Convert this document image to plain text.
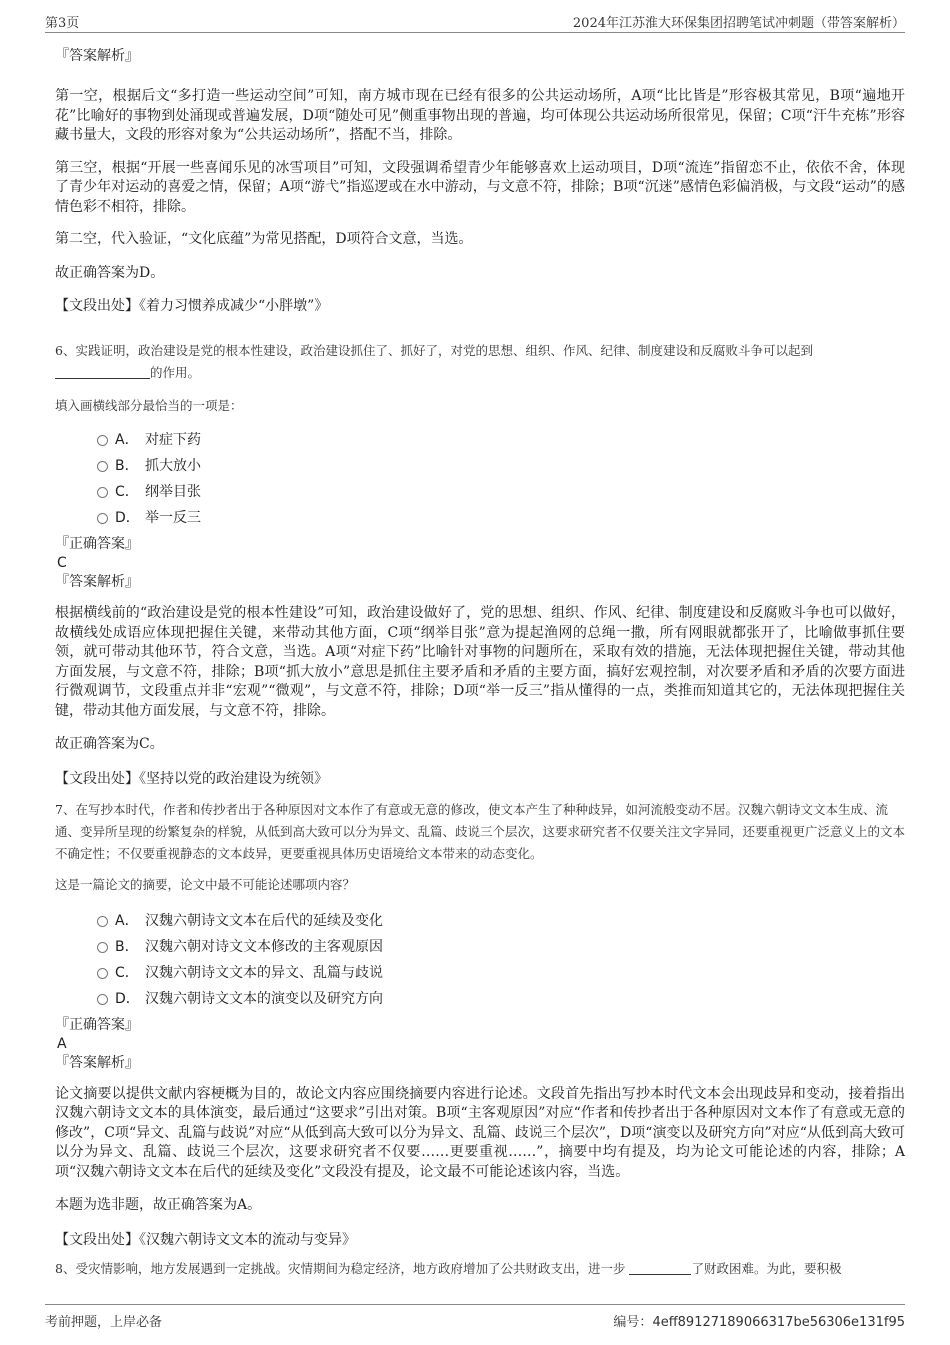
第3页	2024年江苏淮大环保集团招聘笔试冲刺题（带答案解析）

『答案解析』

第一空，根据后文“多打造一些运动空间”可知，南方城市现在已经有很多的公共运动场所，A项“比比皆是”形容极其常见，B项“遍地开花”比喻好的事物到处涌现或普遍发展，D项“随处可见”侧重事物出现的普遍，均可体现公共运动场所很常见，保留；C项“汗牛充栋”形容藏书量大，文段的形容对象为“公共运动场所”，搭配不当，排除。

第三空，根据“开展一些喜闻乐见的冰雪项目”可知，文段强调希望青少年能够喜欢上运动项目，D项“流连”指留恋不止，依依不舍，体现了青少年对运动的喜爱之情，保留；A项“游弋”指巡逻或在水中游动，与文意不符，排除；B项“沉迷”感情色彩偏消极，与文段“运动”的感情色彩不相符，排除。

第二空，代入验证，“文化底蕴”为常见搭配，D项符合文意，当选。

故正确答案为D。

【文段出处】《着力习惯养成减少“小胖墩”》

6、实践证明，政治建设是党的根本性建设，政治建设抓住了、抓好了，对党的思想、组织、作风、纪律、制度建设和反腐败斗争可以起到
的作用。

填入画横线部分最恰当的一项是：

A． 对症下药
B． 抓大放小
C． 纲举目张
D． 举一反三

『正确答案』

C

『答案解析』

根据横线前的“政治建设是党的根本性建设”可知，政治建设做好了，党的思想、组织、作风、纪律、制度建设和反腐败斗争也可以做好，故横线处成语应体现把握住关键，来带动其他方面，C项“纲举目张”意为提起渔网的总绳一撒，所有网眼就都张开了，比喻做事抓住要领，就可带动其他环节，符合文意，当选。A项“对症下药”比喻针对事物的问题所在，采取有效的措施，无法体现把握住关键，带动其他方面发展，与文意不符，排除；B项“抓大放小”意思是抓住主要矛盾和矛盾的主要方面，搞好宏观控制，对次要矛盾和矛盾的次要方面进行微观调节，文段重点并非“宏观”“微观”，与文意不符，排除；D项“举一反三”指从懂得的一点，类推而知道其它的，无法体现把握住关键，带动其他方面发展，与文意不符，排除。

故正确答案为C。

【文段出处】《坚持以党的政治建设为统领》

7、在写抄本时代，作者和传抄者出于各种原因对文本作了有意或无意的修改，使文本产生了种种歧异，如河流般变动不居。汉魏六朝诗文文本生成、流通、变异所呈现的纷繁复杂的样貌，从低到高大致可以分为异文、乱篇、歧说三个层次，这要求研究者不仅要关注文字异同，还要重视更广泛意义上的文本不确定性；不仅要重视静态的文本歧异，更要重视具体历史语境给文本带来的动态变化。

这是一篇论文的摘要，论文中最不可能论述哪项内容？

A． 汉魏六朝诗文文本在后代的延续及变化
B． 汉魏六朝对诗文文本修改的主客观原因
C． 汉魏六朝诗文文本的异文、乱篇与歧说
D． 汉魏六朝诗文文本的演变以及研究方向

『正确答案』

A

『答案解析』

论文摘要以提供文献内容梗概为目的，故论文内容应围绕摘要内容进行论述。文段首先指出写抄本时代文本会出现歧异和变动，接着指出汉魏六朝诗文文本的具体演变，最后通过“这要求”引出对策。B项“主客观原因”对应“作者和传抄者出于各种原因对文本作了有意或无意的修改”，C项“异文、乱篇与歧说”对应“从低到高大致可以分为异文、乱篇、歧说三个层次”，D项“演变以及研究方向”对应“从低到高大致可以分为异文、乱篇、歧说三个层次，这要求研究者不仅要……更要重视……”，摘要中均有提及，均为论文可能论述的内容，排除；A项“汉魏六朝诗文文本在后代的延续及变化”文段没有提及，论文最不可能论述该内容，当选。

本题为选非题，故正确答案为A。

【文段出处】《汉魏六朝诗文文本的流动与变异》

8、受灾情影响，地方发展遇到一定挑战。灾情期间为稳定经济，地方政府增加了公共财政支出，进一步	了财政困难。为此，要积极

考前押题，上岸必备	编号：4eff89127189066317be56306e131f95
